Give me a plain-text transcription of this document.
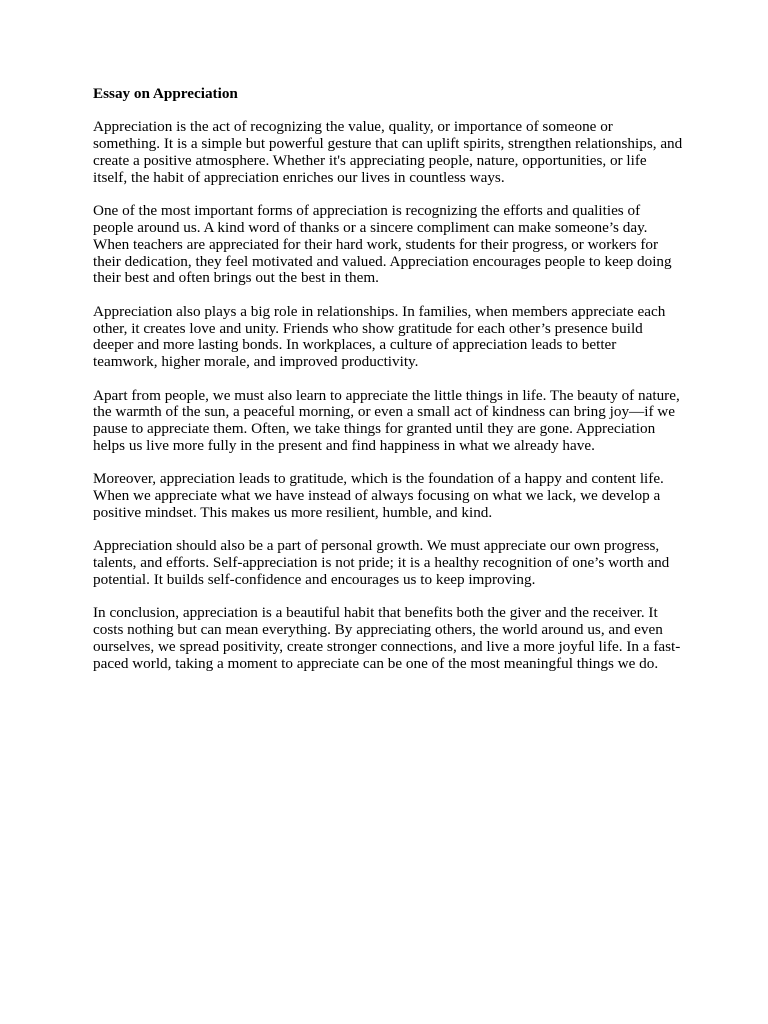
Essay on Appreciation

Appreciation is the act of recognizing the value, quality, or importance of someone or something. It is a simple but powerful gesture that can uplift spirits, strengthen relationships, and create a positive atmosphere. Whether it's appreciating people, nature, opportunities, or life itself, the habit of appreciation enriches our lives in countless ways.

One of the most important forms of appreciation is recognizing the efforts and qualities of people around us. A kind word of thanks or a sincere compliment can make someone’s day. When teachers are appreciated for their hard work, students for their progress, or workers for their dedication, they feel motivated and valued. Appreciation encourages people to keep doing their best and often brings out the best in them.

Appreciation also plays a big role in relationships. In families, when members appreciate each other, it creates love and unity. Friends who show gratitude for each other’s presence build deeper and more lasting bonds. In workplaces, a culture of appreciation leads to better teamwork, higher morale, and improved productivity.

Apart from people, we must also learn to appreciate the little things in life. The beauty of nature, the warmth of the sun, a peaceful morning, or even a small act of kindness can bring joy—if we pause to appreciate them. Often, we take things for granted until they are gone. Appreciation helps us live more fully in the present and find happiness in what we already have.

Moreover, appreciation leads to gratitude, which is the foundation of a happy and content life. When we appreciate what we have instead of always focusing on what we lack, we develop a positive mindset. This makes us more resilient, humble, and kind.

Appreciation should also be a part of personal growth. We must appreciate our own progress, talents, and efforts. Self-appreciation is not pride; it is a healthy recognition of one’s worth and potential. It builds self-confidence and encourages us to keep improving.

In conclusion, appreciation is a beautiful habit that benefits both the giver and the receiver. It costs nothing but can mean everything. By appreciating others, the world around us, and even ourselves, we spread positivity, create stronger connections, and live a more joyful life. In a fast-paced world, taking a moment to appreciate can be one of the most meaningful things we do.
